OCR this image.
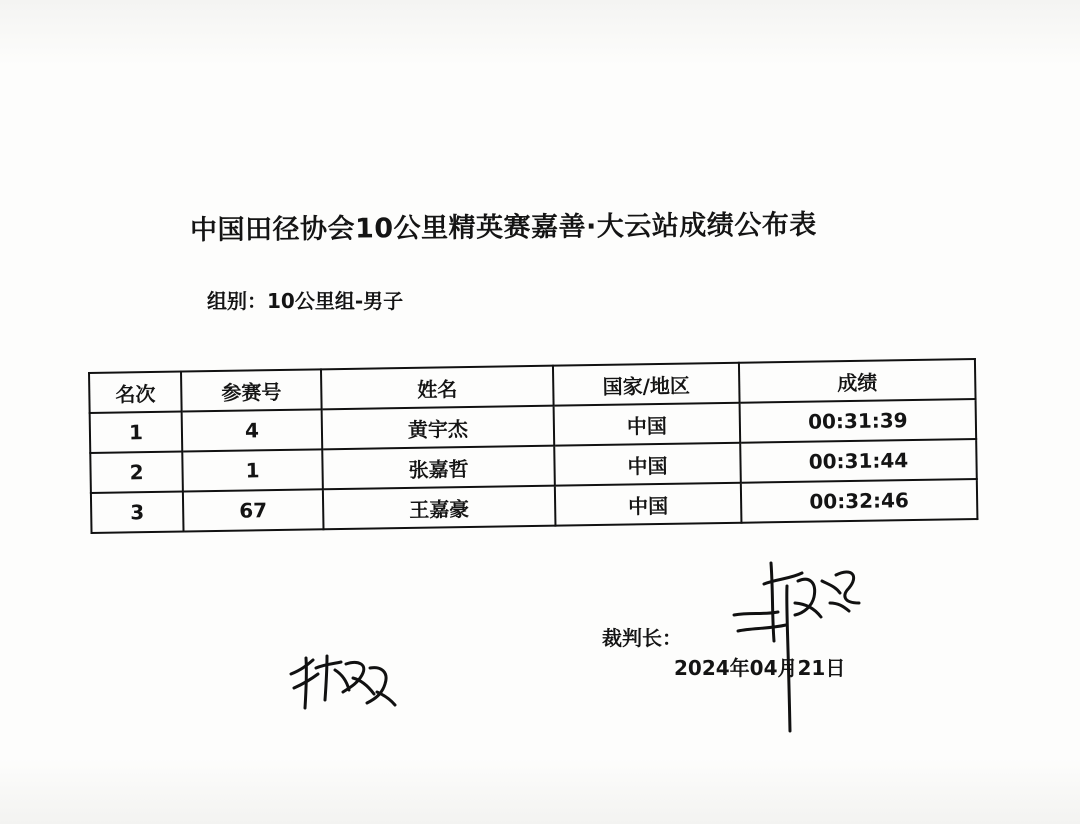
中国田径协会10公里精英赛嘉善·大云站成绩公布表
组别：10公里组-男子
名次	参赛号	姓名	国家/地区	成绩
1	4	黄宇杰	中国	00:31:39
2	1	张嘉哲	中国	00:31:44
3	67	王嘉豪	中国	00:32:46
裁判长：
2024年04月21日
